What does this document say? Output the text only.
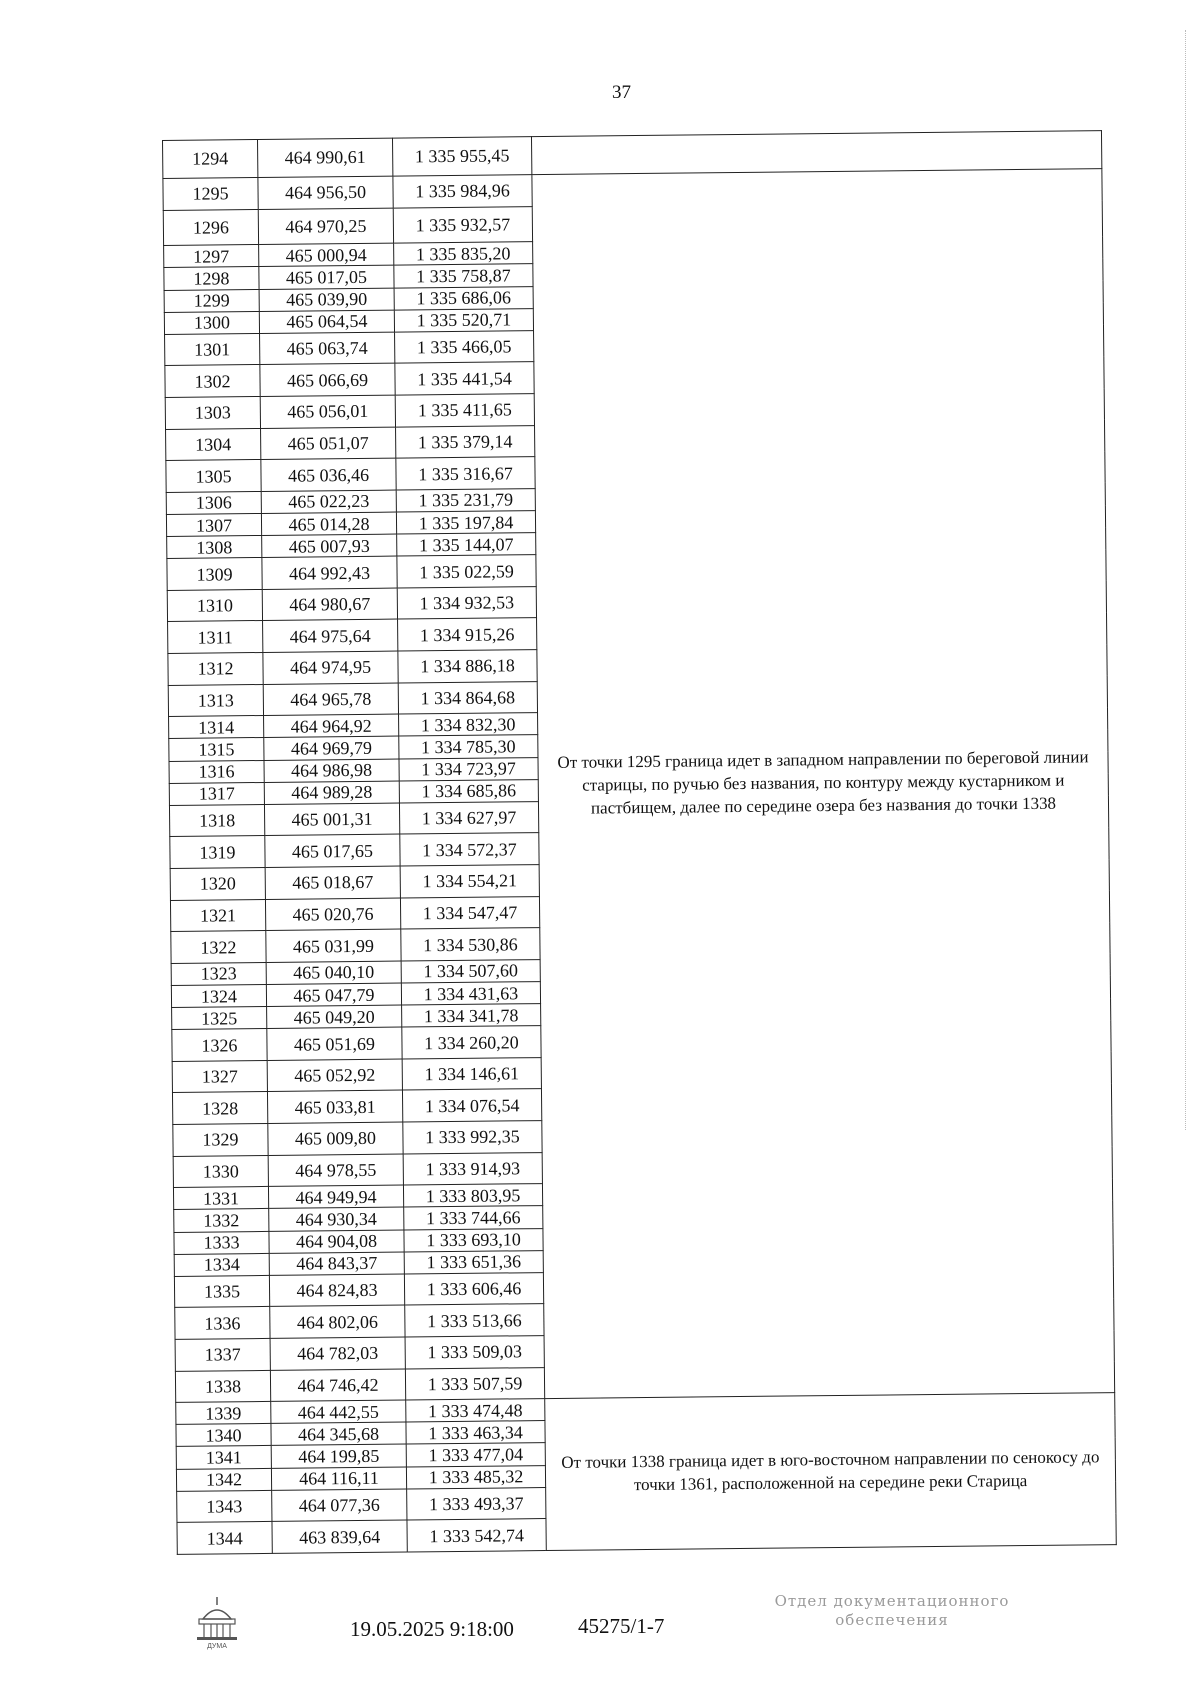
37
1294	464 990,61	1 335 955,45	
1295	464 956,50	1 335 984,96	От точки 1295 граница идет в западном направлении по береговой линии старицы, по ручью без названия, по контуру между кустарником и пастбищем, далее по середине озера без названия до точки 1338
1296	464 970,25	1 335 932,57	
1297	465 000,94	1 335 835,20	
1298	465 017,05	1 335 758,87	
1299	465 039,90	1 335 686,06	
1300	465 064,54	1 335 520,71	
1301	465 063,74	1 335 466,05	
1302	465 066,69	1 335 441,54	
1303	465 056,01	1 335 411,65	
1304	465 051,07	1 335 379,14	
1305	465 036,46	1 335 316,67	
1306	465 022,23	1 335 231,79	
1307	465 014,28	1 335 197,84	
1308	465 007,93	1 335 144,07	
1309	464 992,43	1 335 022,59	
1310	464 980,67	1 334 932,53	
1311	464 975,64	1 334 915,26	
1312	464 974,95	1 334 886,18	
1313	464 965,78	1 334 864,68	
1314	464 964,92	1 334 832,30	
1315	464 969,79	1 334 785,30	
1316	464 986,98	1 334 723,97	
1317	464 989,28	1 334 685,86	
1318	465 001,31	1 334 627,97	
1319	465 017,65	1 334 572,37	
1320	465 018,67	1 334 554,21	
1321	465 020,76	1 334 547,47	
1322	465 031,99	1 334 530,86	
1323	465 040,10	1 334 507,60	
1324	465 047,79	1 334 431,63	
1325	465 049,20	1 334 341,78	
1326	465 051,69	1 334 260,20	
1327	465 052,92	1 334 146,61	
1328	465 033,81	1 334 076,54	
1329	465 009,80	1 333 992,35	
1330	464 978,55	1 333 914,93	
1331	464 949,94	1 333 803,95	
1332	464 930,34	1 333 744,66	
1333	464 904,08	1 333 693,10	
1334	464 843,37	1 333 651,36	
1335	464 824,83	1 333 606,46	
1336	464 802,06	1 333 513,66	
1337	464 782,03	1 333 509,03	
1338	464 746,42	1 333 507,59	
1339	464 442,55	1 333 474,48	От точки 1338 граница идет в юго-восточном направлении по сенокосу до точки 1361, расположенной на середине реки Старица
1340	464 345,68	1 333 463,34	
1341	464 199,85	1 333 477,04	
1342	464 116,11	1 333 485,32	
1343	464 077,36	1 333 493,37	
1344	463 839,64	1 333 542,74	
ДУМА
19.05.2025 9:18:00	45275/1-7
Отдел документационного
обеспечения
